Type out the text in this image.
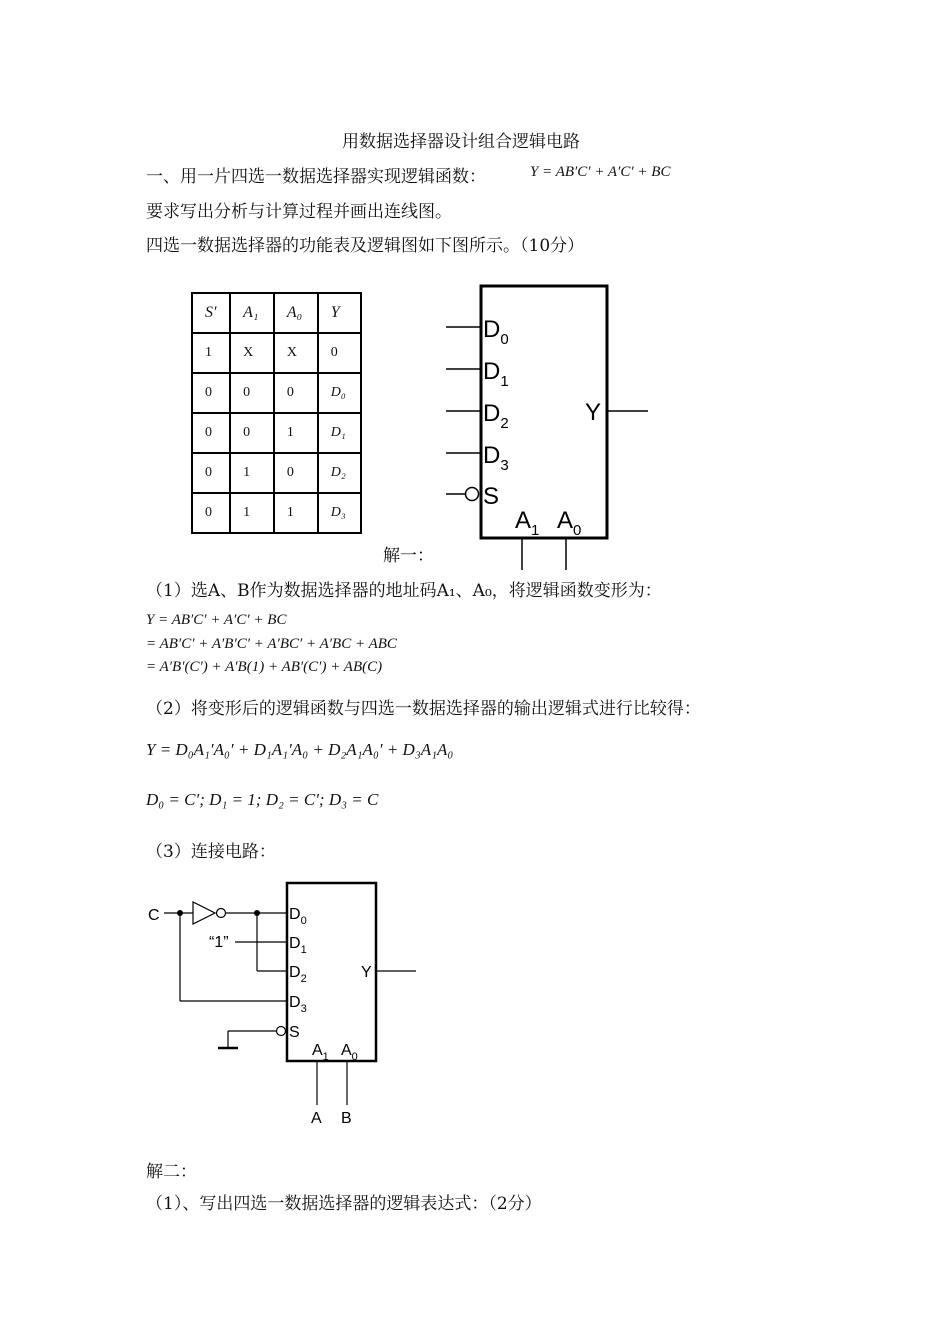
用数据选择器设计组合逻辑电路
一、用一片四选一数据选择器实现逻辑函数：	Y = AB′C′ + A′C′ + BC
要求写出分析与计算过程并画出连线图。
四选一数据选择器的功能表及逻辑图如下图所示。（10分）
S′	A₁	A₀	Y
1	X	X	0
0	0	0	D₀
0	0	1	D₁
0	1	0	D₂
0	1	1	D₃
$D_0$
$D_1$
$D_2$
$D_3$
S
Y
$A_1$ $A_0$
解一：
（1）选A、B作为数据选择器的地址码A₁、A₀，将逻辑函数变形为：
Y = AB′C′ + A′C′ + BC
= AB′C′ + A′B′C′ + A′BC′ + A′BC + ABC
= A′B′(C′) + A′B(1) + AB′(C′) + AB(C)
（2）将变形后的逻辑函数与四选一数据选择器的输出逻辑式进行比较得：
Y = D₀A₁′A₀′ + D₁A₁′A₀ + D₂A₁A₀′ + D₃A₁A₀
D₀ = C′; D₁ = 1; D₂ = C′; D₃ = C
（3）连接电路：
C
“1”
$D_0$
$D_1$
$D_2$
$D_3$
S
Y
$A_1$ $A_0$
A B
解二：
（1）、写出四选一数据选择器的逻辑表达式：（2分）
